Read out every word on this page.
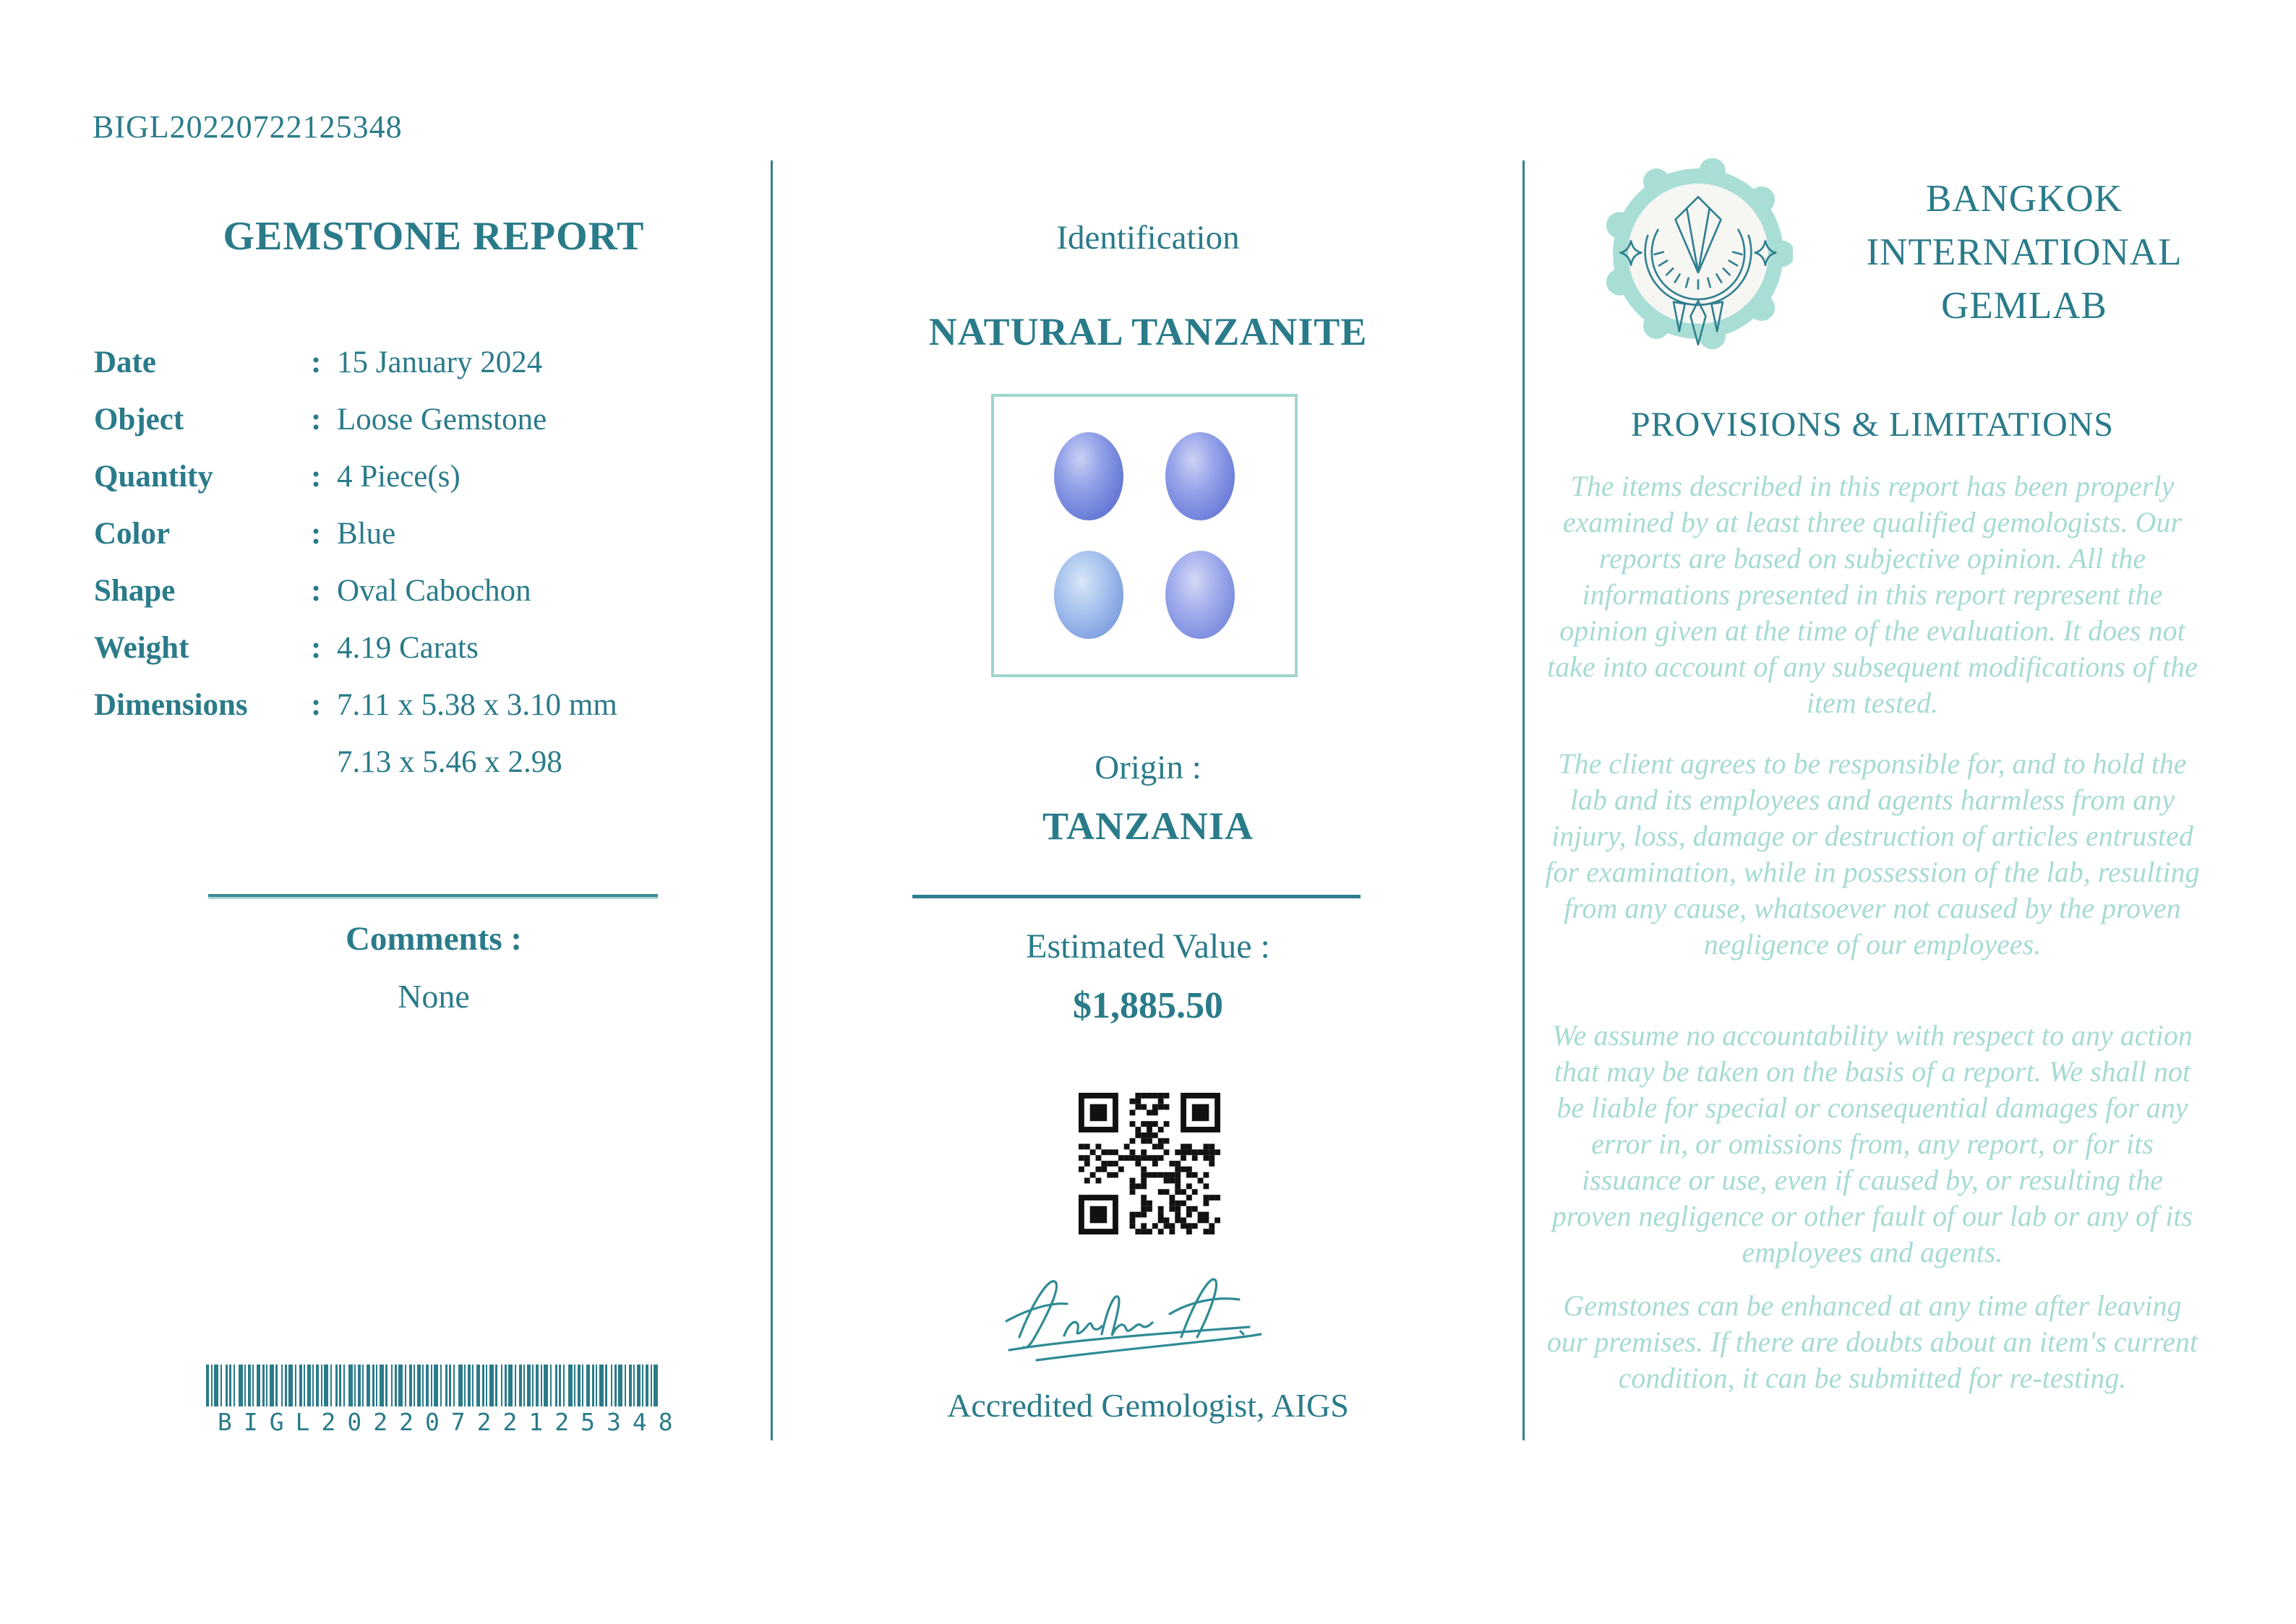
BIGL20220722125348
GEMSTONE REPORT
Date	: 15 January 2024
Object	: Loose Gemstone
Quantity	: 4 Piece(s)
Color	: Blue
Shape	: Oval Cabochon
Weight	: 4.19 Carats
Dimensions	: 7.11 x 5.38 x 3.10 mm
7.13 x 5.46 x 2.98
Comments :
None
BIGL20220722125348
Identification
NATURAL TANZANITE
Origin :
TANZANIA
Estimated Value :
$1,885.50
Accredited Gemologist, AIGS
BANGKOK
INTERNATIONAL
GEMLAB
PROVISIONS & LIMITATIONS
The items described in this report has been properly examined by at least three qualified gemologists. Our reports are based on subjective opinion. All the informations presented in this report represent the opinion given at the time of the evaluation. It does not take into account of any subsequent modifications of the item tested.
The client agrees to be responsible for, and to hold the lab and its employees and agents harmless from any injury, loss, damage or destruction of articles entrusted for examination, while in possession of the lab, resulting from any cause, whatsoever not caused by the proven negligence of our employees.
We assume no accountability with respect to any action that may be taken on the basis of a report. We shall not be liable for special or consequential damages for any error in, or omissions from, any report, or for its issuance or use, even if caused by, or resulting the proven negligence or other fault of our lab or any of its employees and agents.
Gemstones can be enhanced at any time after leaving our premises. If there are doubts about an item's current condition, it can be submitted for re-testing.
